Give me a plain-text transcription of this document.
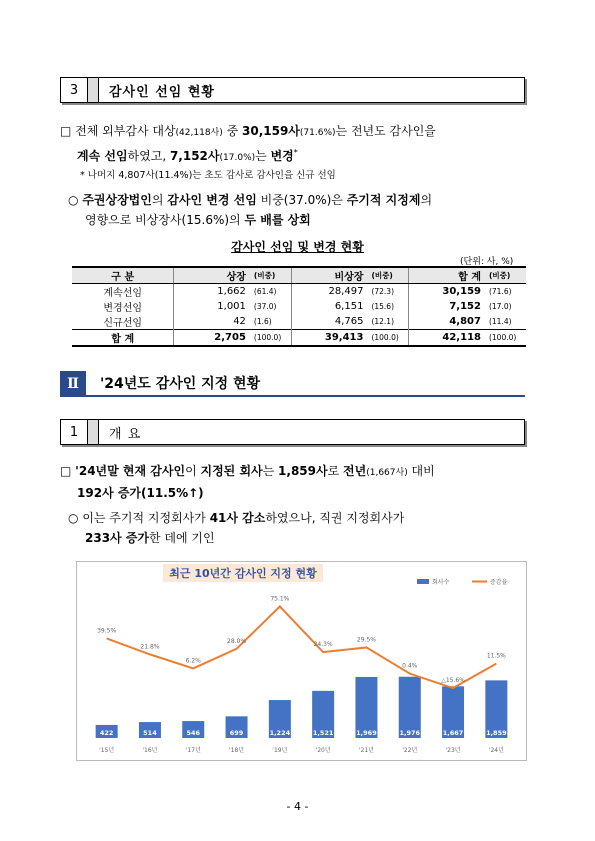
3	감사인 선임 현황
□ 전체 외부감사 대상(42,118사) 중 30,159사(71.6%)는 전년도 감사인을
계속 선임하였고, 7,152사(17.0%)는 변경*
* 나머지 4,807사(11.4%)는 초도 감사로 감사인을 신규 선임
○ 주권상장법인의 감사인 변경 선임 비중(37.0%)은 주기적 지정제의
영향으로 비상장사(15.6%)의 두 배를 상회
감사인 선임 및 변경 현황
(단위: 사, %)
구 분	상장	(비중)	비상장	(비중)	합 계	(비중)
계속선임	1,662	(61.4)	28,497	(72.3)	30,159	(71.6)
변경선임	1,001	(37.0)	6,151	(15.6)	7,152	(17.0)
신규선임	42	(1.6)	4,765	(12.1)	4,807	(11.4)
합 계	2,705	(100.0)	39,413	(100.0)	42,118	(100.0)
Ⅱ	'24년도 감사인 지정 현황
1	개 요
□ '24년말 현재 감사인이 지정된 회사는 1,859사로 전년(1,667사) 대비
192사 증가(11.5%↑)
○ 이는 주기적 지정회사가 41사 감소하였으나, 직권 지정회사가
233사 증가한 데에 기인
최근 10년간 감사인 지정 현황
회사수	증감율
422
'15년
514
'16년
546
'17년
699
'18년
1,224
'19년
1,521
'20년
1,969
'21년
1,976
'22년
1,667
'23년
1,859
'24년
39.5%
21.8%
6.2%
28.0%
75.1%
24.3%
29.5%
0.4%
△15.6%
11.5%
- 4 -
